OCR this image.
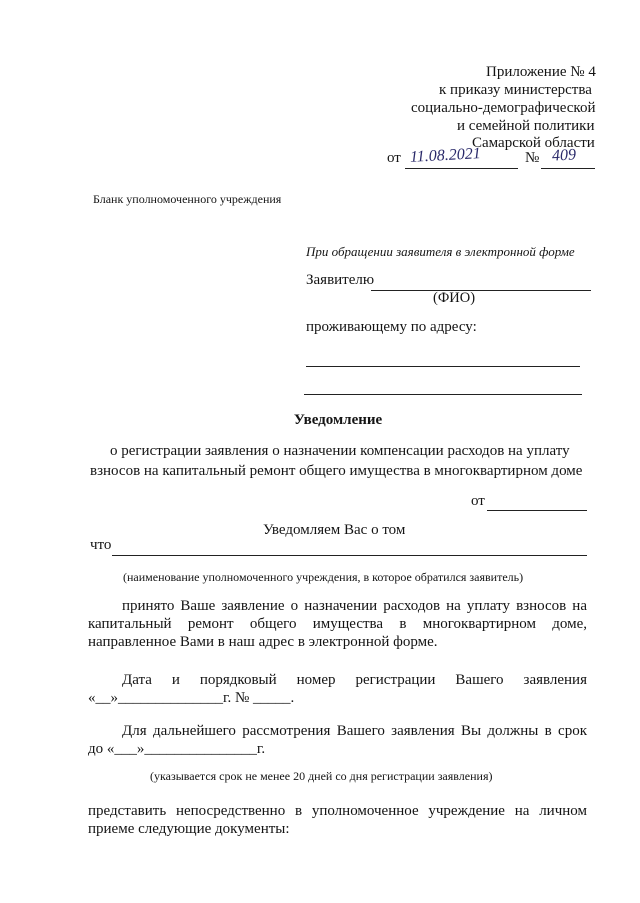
Приложение № 4
к приказу министерства
социально-демографической
и семейной политики
Самарской области
от 11.08.2021	№ 409
Бланк уполномоченного учреждения
При обращении заявителя в электронной форме
Заявителю
(ФИО)
проживающему по адресу:
Уведомление
о регистрации заявления о назначении компенсации расходов на уплату
взносов на капитальный ремонт общего имущества в многоквартирном доме
от
Уведомляем Вас о том
что
(наименование уполномоченного учреждения, в которое обратился заявитель)
принято Ваше заявление о назначении расходов на уплату взносов на
капитальный ремонт общего имущества в многоквартирном доме,
направленное Вами в наш адрес в электронной форме.
Дата и порядковый номер регистрации Вашего заявления
«__»______________г. № _____.
Для дальнейшего рассмотрения Вашего заявления Вы должны в срок
до «___»_______________г.
(указывается срок не менее 20 дней со дня регистрации заявления)
представить непосредственно в уполномоченное учреждение на личном
приеме следующие документы:
